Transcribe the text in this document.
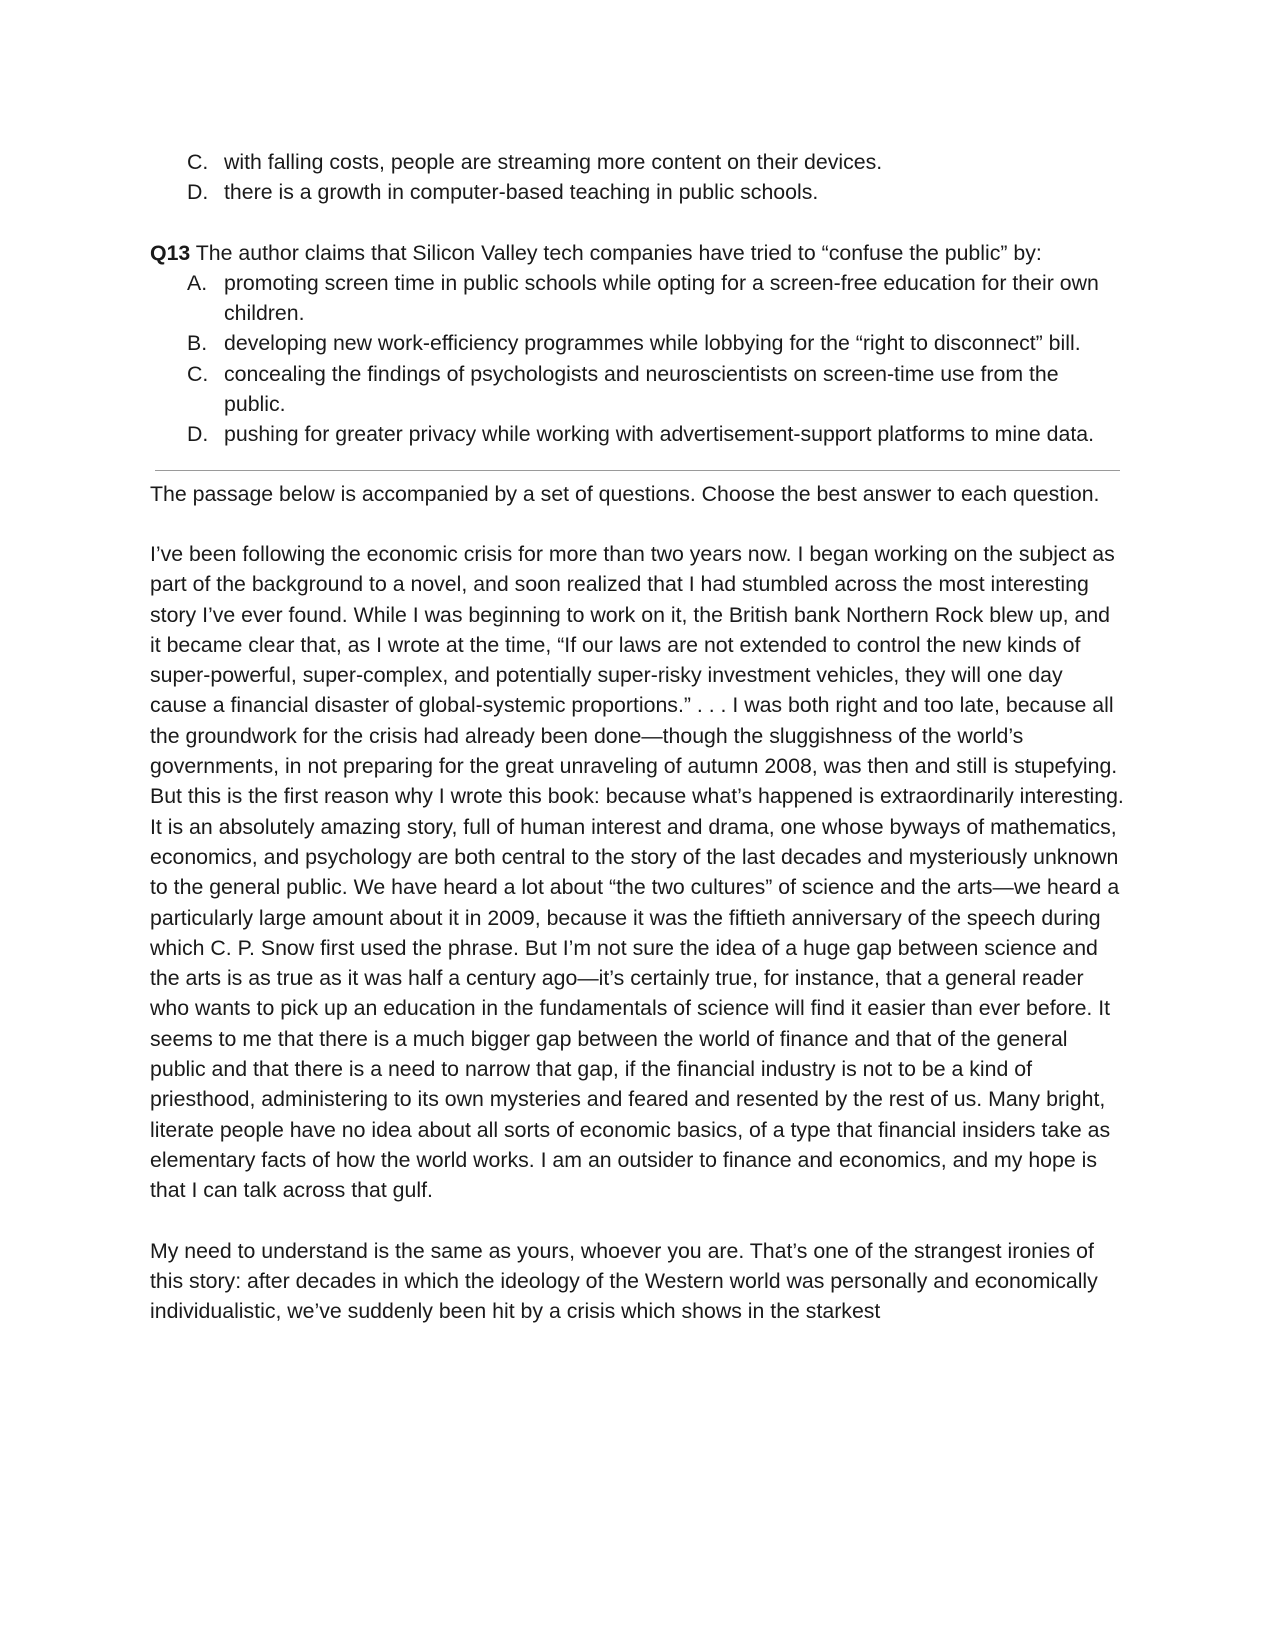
C. with falling costs, people are streaming more content on their devices.
D. there is a growth in computer-based teaching in public schools.
Q13 The author claims that Silicon Valley tech companies have tried to “confuse the public” by:
A. promoting screen time in public schools while opting for a screen-free education for their own children.
B. developing new work-efficiency programmes while lobbying for the “right to disconnect” bill.
C. concealing the findings of psychologists and neuroscientists on screen-time use from the public.
D. pushing for greater privacy while working with advertisement-support platforms to mine data.

The passage below is accompanied by a set of questions. Choose the best answer to each question.

I’ve been following the economic crisis for more than two years now. I began working on the subject as part of the background to a novel, and soon realized that I had stumbled across the most interesting story I’ve ever found. While I was beginning to work on it, the British bank Northern Rock blew up, and it became clear that, as I wrote at the time, “If our laws are not extended to control the new kinds of super-powerful, super-complex, and potentially super-risky investment vehicles, they will one day cause a financial disaster of global-systemic proportions.” . . . I was both right and too late, because all the groundwork for the crisis had already been done—though the sluggishness of the world’s governments, in not preparing for the great unraveling of autumn 2008, was then and still is stupefying. But this is the first reason why I wrote this book: because what’s happened is extraordinarily interesting. It is an absolutely amazing story, full of human interest and drama, one whose byways of mathematics, economics, and psychology are both central to the story of the last decades and mysteriously unknown to the general public. We have heard a lot about “the two cultures” of science and the arts—we heard a particularly large amount about it in 2009, because it was the fiftieth anniversary of the speech during which C. P. Snow first used the phrase. But I’m not sure the idea of a huge gap between science and the arts is as true as it was half a century ago—it’s certainly true, for instance, that a general reader who wants to pick up an education in the fundamentals of science will find it easier than ever before. It seems to me that there is a much bigger gap between the world of finance and that of the general public and that there is a need to narrow that gap, if the financial industry is not to be a kind of priesthood, administering to its own mysteries and feared and resented by the rest of us. Many bright, literate people have no idea about all sorts of economic basics, of a type that financial insiders take as elementary facts of how the world works. I am an outsider to finance and economics, and my hope is that I can talk across that gulf.

My need to understand is the same as yours, whoever you are. That’s one of the strangest ironies of this story: after decades in which the ideology of the Western world was personally and economically individualistic, we’ve suddenly been hit by a crisis which shows in the starkest
